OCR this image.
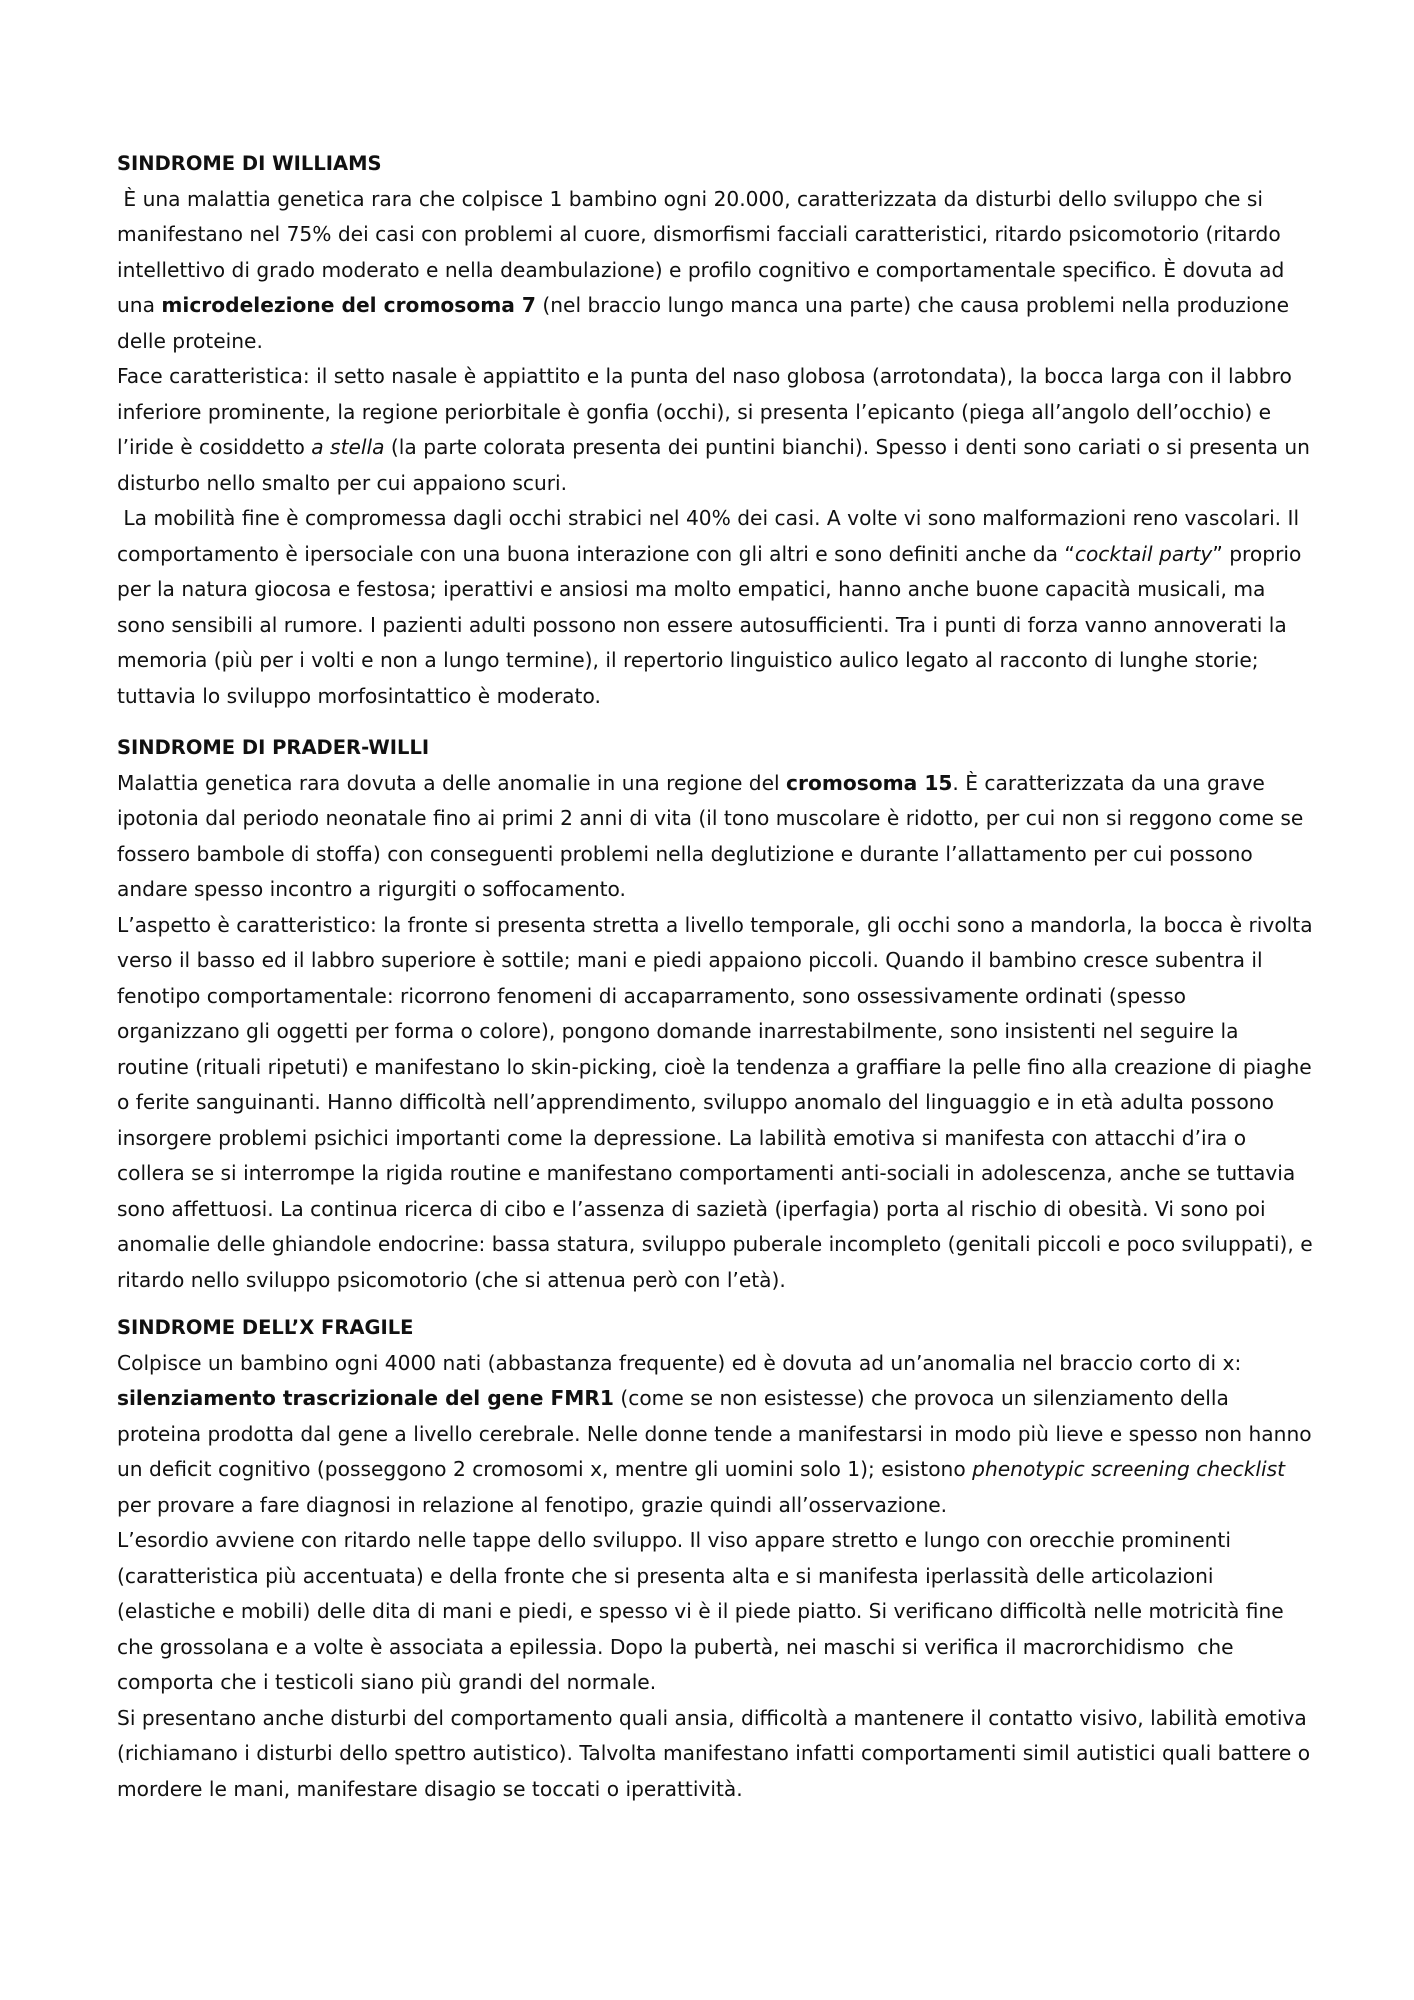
SINDROME DI WILLIAMS

È una malattia genetica rara che colpisce 1 bambino ogni 20.000, caratterizzata da disturbi dello sviluppo che si manifestano nel 75% dei casi con problemi al cuore, dismorfismi facciali caratteristici, ritardo psicomotorio (ritardo intellettivo di grado moderato e nella deambulazione) e profilo cognitivo e comportamentale specifico. È dovuta ad una microdelezione del cromosoma 7 (nel braccio lungo manca una parte) che causa problemi nella produzione delle proteine.

Face caratteristica: il setto nasale è appiattito e la punta del naso globosa (arrotondata), la bocca larga con il labbro inferiore prominente, la regione periorbitale è gonfia (occhi), si presenta l’epicanto (piega all’angolo dell’occhio) e l’iride è cosiddetto a stella (la parte colorata presenta dei puntini bianchi). Spesso i denti sono cariati o si presenta un disturbo nello smalto per cui appaiono scuri.

La mobilità fine è compromessa dagli occhi strabici nel 40% dei casi. A volte vi sono malformazioni reno vascolari. Il comportamento è ipersociale con una buona interazione con gli altri e sono definiti anche da “cocktail party” proprio per la natura giocosa e festosa; iperattivi e ansiosi ma molto empatici, hanno anche buone capacità musicali, ma sono sensibili al rumore. I pazienti adulti possono non essere autosufficienti. Tra i punti di forza vanno annoverati la memoria (più per i volti e non a lungo termine), il repertorio linguistico aulico legato al racconto di lunghe storie; tuttavia lo sviluppo morfosintattico è moderato.

SINDROME DI PRADER-WILLI

Malattia genetica rara dovuta a delle anomalie in una regione del cromosoma 15. È caratterizzata da una grave ipotonia dal periodo neonatale fino ai primi 2 anni di vita (il tono muscolare è ridotto, per cui non si reggono come se fossero bambole di stoffa) con conseguenti problemi nella deglutizione e durante l’allattamento per cui possono andare spesso incontro a rigurgiti o soffocamento.

L’aspetto è caratteristico: la fronte si presenta stretta a livello temporale, gli occhi sono a mandorla, la bocca è rivolta verso il basso ed il labbro superiore è sottile; mani e piedi appaiono piccoli. Quando il bambino cresce subentra il fenotipo comportamentale: ricorrono fenomeni di accaparramento, sono ossessivamente ordinati (spesso organizzano gli oggetti per forma o colore), pongono domande inarrestabilmente, sono insistenti nel seguire la routine (rituali ripetuti) e manifestano lo skin-picking, cioè la tendenza a graffiare la pelle fino alla creazione di piaghe o ferite sanguinanti. Hanno difficoltà nell’apprendimento, sviluppo anomalo del linguaggio e in età adulta possono insorgere problemi psichici importanti come la depressione. La labilità emotiva si manifesta con attacchi d’ira o collera se si interrompe la rigida routine e manifestano comportamenti anti-sociali in adolescenza, anche se tuttavia sono affettuosi. La continua ricerca di cibo e l’assenza di sazietà (iperfagia) porta al rischio di obesità. Vi sono poi anomalie delle ghiandole endocrine: bassa statura, sviluppo puberale incompleto (genitali piccoli e poco sviluppati), e ritardo nello sviluppo psicomotorio (che si attenua però con l’età).

SINDROME DELL’X FRAGILE

Colpisce un bambino ogni 4000 nati (abbastanza frequente) ed è dovuta ad un’anomalia nel braccio corto di x: silenziamento trascrizionale del gene FMR1 (come se non esistesse) che provoca un silenziamento della proteina prodotta dal gene a livello cerebrale. Nelle donne tende a manifestarsi in modo più lieve e spesso non hanno un deficit cognitivo (posseggono 2 cromosomi x, mentre gli uomini solo 1); esistono phenotypic screening checklist per provare a fare diagnosi in relazione al fenotipo, grazie quindi all’osservazione.

L’esordio avviene con ritardo nelle tappe dello sviluppo. Il viso appare stretto e lungo con orecchie prominenti (caratteristica più accentuata) e della fronte che si presenta alta e si manifesta iperlassità delle articolazioni (elastiche e mobili) delle dita di mani e piedi, e spesso vi è il piede piatto. Si verificano difficoltà nelle motricità fine che grossolana e a volte è associata a epilessia. Dopo la pubertà, nei maschi si verifica il macrorchidismo  che comporta che i testicoli siano più grandi del normale.

Si presentano anche disturbi del comportamento quali ansia, difficoltà a mantenere il contatto visivo, labilità emotiva (richiamano i disturbi dello spettro autistico). Talvolta manifestano infatti comportamenti simil autistici quali battere o mordere le mani, manifestare disagio se toccati o iperattività.
